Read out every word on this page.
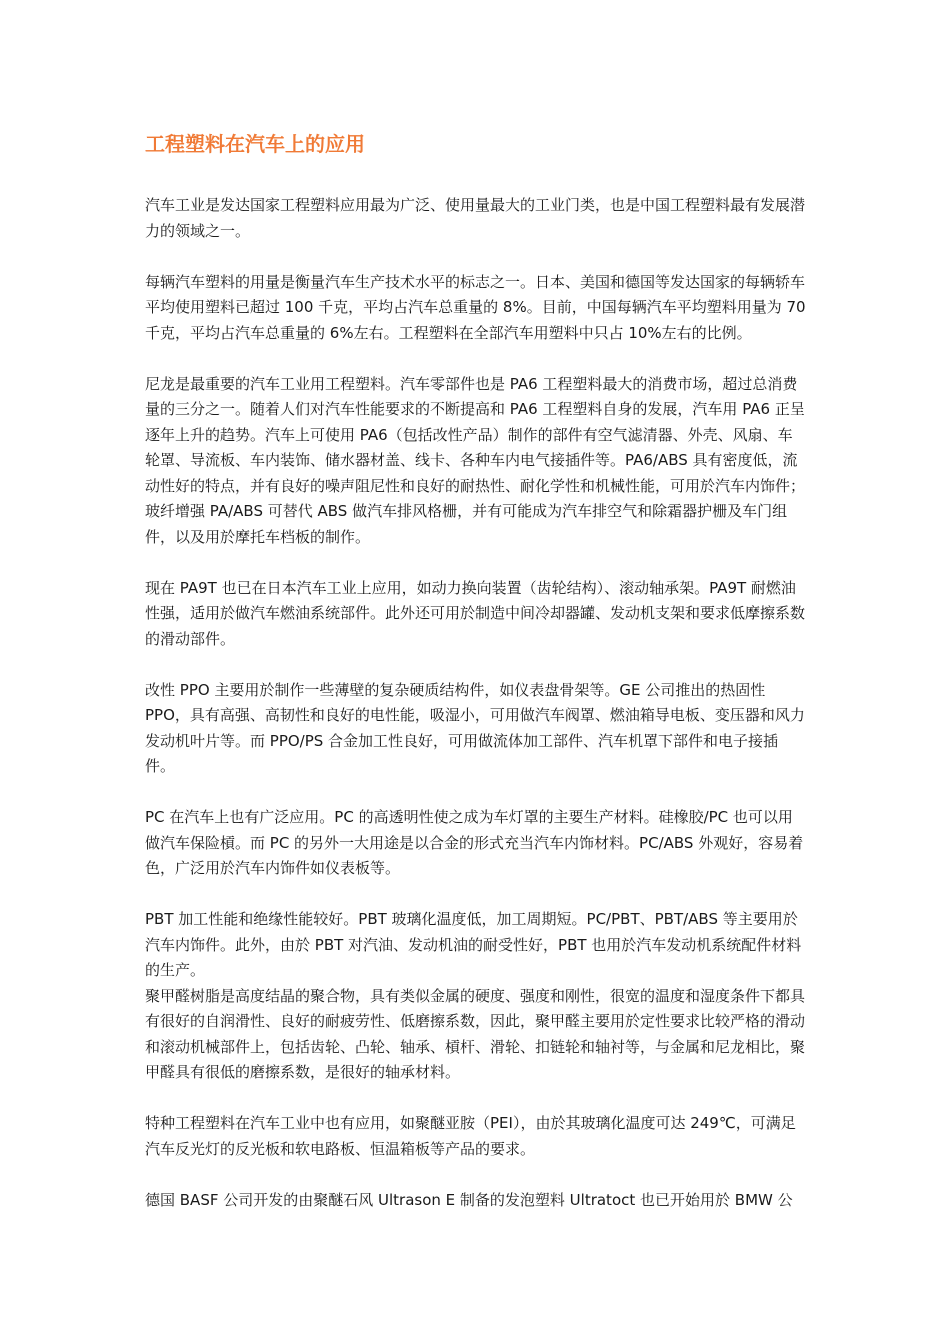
工程塑料在汽车上的应用

汽车工业是发达国家工程塑料应用最为广泛、使用量最大的工业门类，也是中国工程塑料最有发展潜力的领域之一。

每辆汽车塑料的用量是衡量汽车生产技术水平的标志之一。日本、美国和德国等发达国家的每辆轿车平均使用塑料已超过 100 千克，平均占汽车总重量的 8%。目前，中国每辆汽车平均塑料用量为 70 千克，平均占汽车总重量的 6%左右。工程塑料在全部汽车用塑料中只占 10%左右的比例。

尼龙是最重要的汽车工业用工程塑料。汽车零部件也是 PA6 工程塑料最大的消费市场，超过总消费量的三分之一。随着人们对汽车性能要求的不断提高和 PA6 工程塑料自身的发展，汽车用 PA6 正呈逐年上升的趋势。汽车上可使用 PA6（包括改性产品）制作的部件有空气滤清器、外壳、风扇、车轮罩、导流板、车内装饰、储水器材盖、线卡、各种车内电气接插件等。PA6/ABS 具有密度低，流动性好的特点，并有良好的噪声阻尼性和良好的耐热性、耐化学性和机械性能，可用於汽车内饰件；玻纤增强 PA/ABS 可替代 ABS 做汽车排风格栅，并有可能成为汽车排空气和除霜器护栅及车门组件，以及用於摩托车档板的制作。

现在 PA9T 也已在日本汽车工业上应用，如动力换向装置（齿轮结构）、滚动轴承架。PA9T 耐燃油性强，适用於做汽车燃油系统部件。此外还可用於制造中间冷却器罐、发动机支架和要求低摩擦系数的滑动部件。

改性 PPO 主要用於制作一些薄壁的复杂硬质结构件，如仪表盘骨架等。GE 公司推出的热固性 PPO，具有高强、高韧性和良好的电性能，吸湿小，可用做汽车阀罩、燃油箱导电板、变压器和风力发动机叶片等。而 PPO/PS 合金加工性良好，可用做流体加工部件、汽车机罩下部件和电子接插件。

PC 在汽车上也有广泛应用。PC 的高透明性使之成为车灯罩的主要生产材料。硅橡胶/PC 也可以用做汽车保险槓。而 PC 的另外一大用途是以合金的形式充当汽车内饰材料。PC/ABS 外观好，容易着色，广泛用於汽车内饰件如仪表板等。

PBT 加工性能和绝缘性能较好。PBT 玻璃化温度低，加工周期短。PC/PBT、PBT/ABS 等主要用於汽车内饰件。此外，由於 PBT 对汽油、发动机油的耐受性好，PBT 也用於汽车发动机系统配件材料的生产。

聚甲醛树脂是高度结晶的聚合物，具有类似金属的硬度、强度和刚性，很宽的温度和湿度条件下都具有很好的自润滑性、良好的耐疲劳性、低磨擦系数，因此，聚甲醛主要用於定性要求比较严格的滑动和滚动机械部件上，包括齿轮、凸轮、轴承、槓杆、滑轮、扣链轮和轴衬等，与金属和尼龙相比，聚甲醛具有很低的磨擦系数，是很好的轴承材料。

特种工程塑料在汽车工业中也有应用，如聚醚亚胺（PEI），由於其玻璃化温度可达 249℃，可满足汽车反光灯的反光板和软电路板、恒温箱板等产品的要求。

德国 BASF 公司开发的由聚醚石风 Ultrason E 制备的发泡塑料 Ultratoct 也已开始用於 BMW 公
